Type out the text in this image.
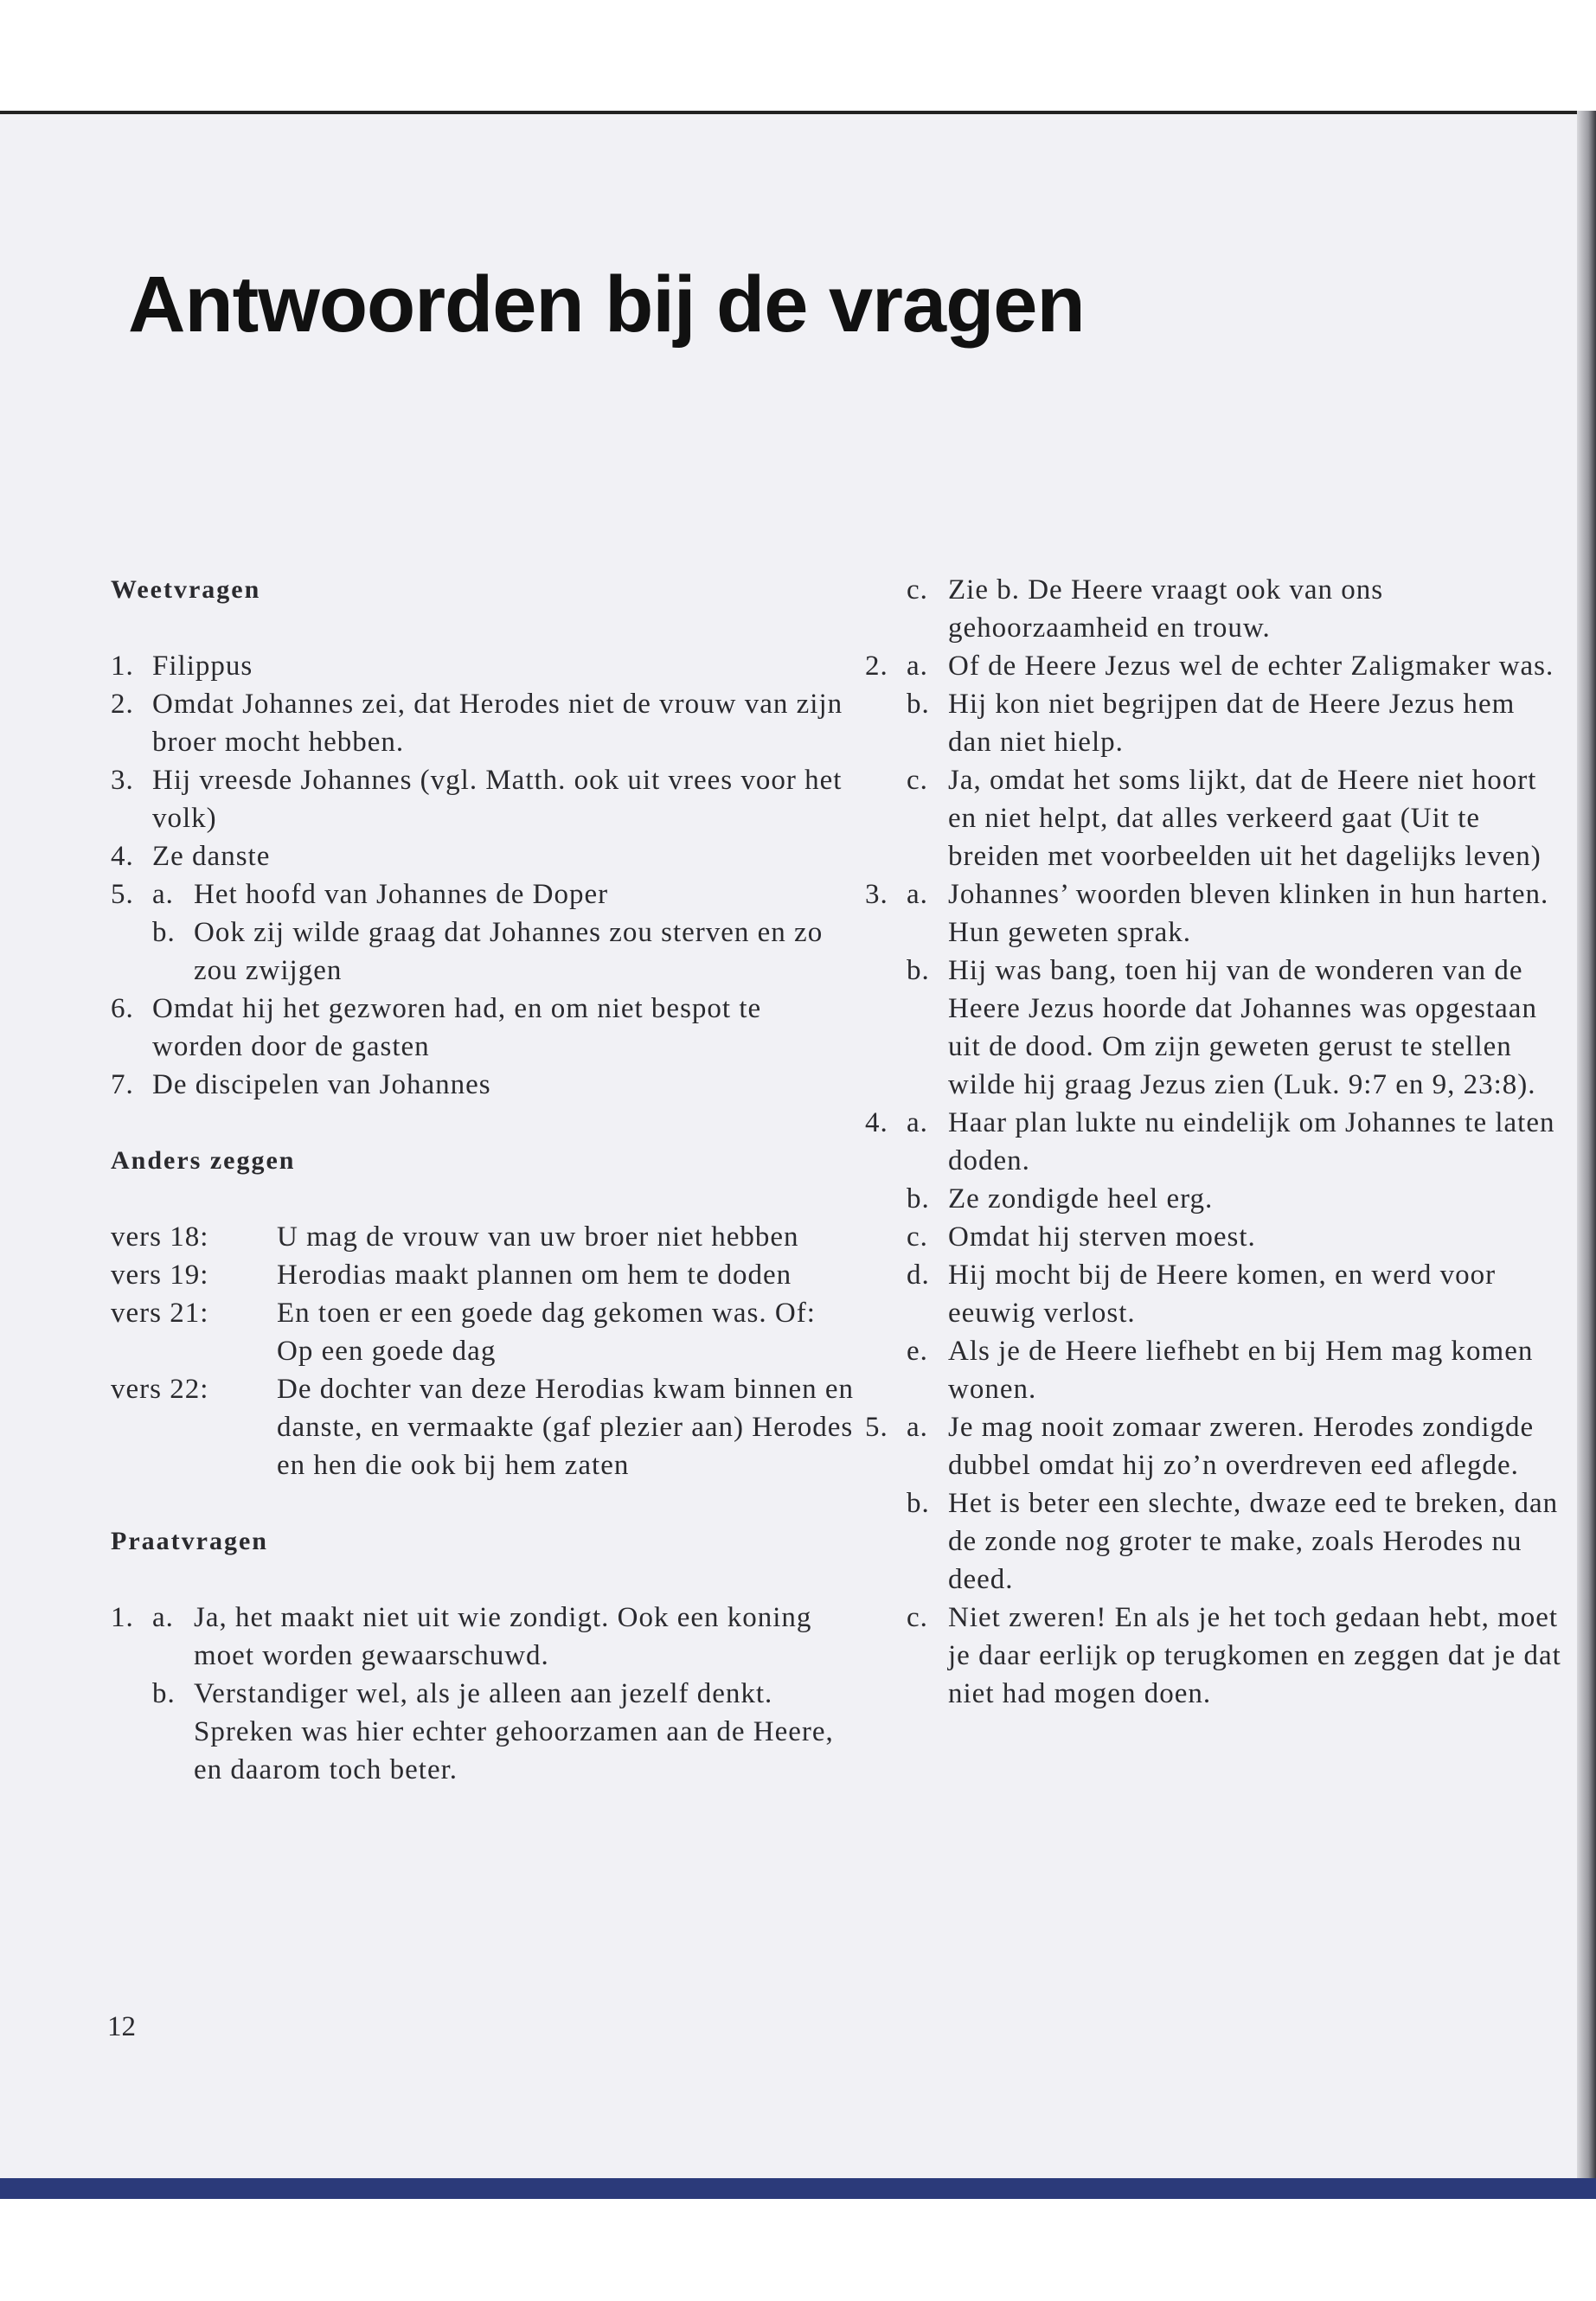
Antwoorden bij de vragen
Weetvragen
1. Filippus
2. Omdat Johannes zei, dat Herodes niet de vrouw van zijn broer mocht hebben.
3. Hij vreesde Johannes (vgl. Matth. ook uit vrees voor het volk)
4. Ze danste
5. a. Het hoofd van Johannes de Doper
b. Ook zij wilde graag dat Johannes zou sterven en zo zou zwijgen
6. Omdat hij het gezworen had, en om niet bespot te worden door de gasten
7. De discipelen van Johannes
Anders zeggen
vers 18:	U mag de vrouw van uw broer niet hebben
vers 19:	Herodias maakt plannen om hem te doden
vers 21:	En toen er een goede dag gekomen was. Of: Op een goede dag
vers 22:	De dochter van deze Herodias kwam binnen en danste, en vermaakte (gaf plezier aan) Herodes en hen die ook bij hem zaten
Praatvragen
1. a. Ja, het maakt niet uit wie zondigt. Ook een koning moet worden gewaarschuwd.
b. Verstandiger wel, als je alleen aan jezelf denkt. Spreken was hier echter gehoorzamen aan de Heere, en daarom toch beter.
c. Zie b. De Heere vraagt ook van ons gehoorzaamheid en trouw.
2. a. Of de Heere Jezus wel de echter Zaligmaker was.
b. Hij kon niet begrijpen dat de Heere Jezus hem dan niet hielp.
c. Ja, omdat het soms lijkt, dat de Heere niet hoort en niet helpt, dat alles verkeerd gaat (Uit te breiden met voorbeelden uit het dagelijks leven)
3. a. Johannes’ woorden bleven klinken in hun harten. Hun geweten sprak.
b. Hij was bang, toen hij van de wonderen van de Heere Jezus hoorde dat Johannes was opgestaan uit de dood. Om zijn geweten gerust te stellen wilde hij graag Jezus zien (Luk. 9:7 en 9, 23:8).
4. a. Haar plan lukte nu eindelijk om Johannes te laten doden.
b. Ze zondigde heel erg.
c. Omdat hij sterven moest.
d. Hij mocht bij de Heere komen, en werd voor eeuwig verlost.
e. Als je de Heere liefhebt en bij Hem mag komen wonen.
5. a. Je mag nooit zomaar zweren. Herodes zondigde dubbel omdat hij zo’n overdreven eed aflegde.
b. Het is beter een slechte, dwaze eed te breken, dan de zonde nog groter te make, zoals Herodes nu deed.
c. Niet zweren! En als je het toch gedaan hebt, moet je daar eerlijk op terugkomen en zeggen dat je dat niet had mogen doen.
12
